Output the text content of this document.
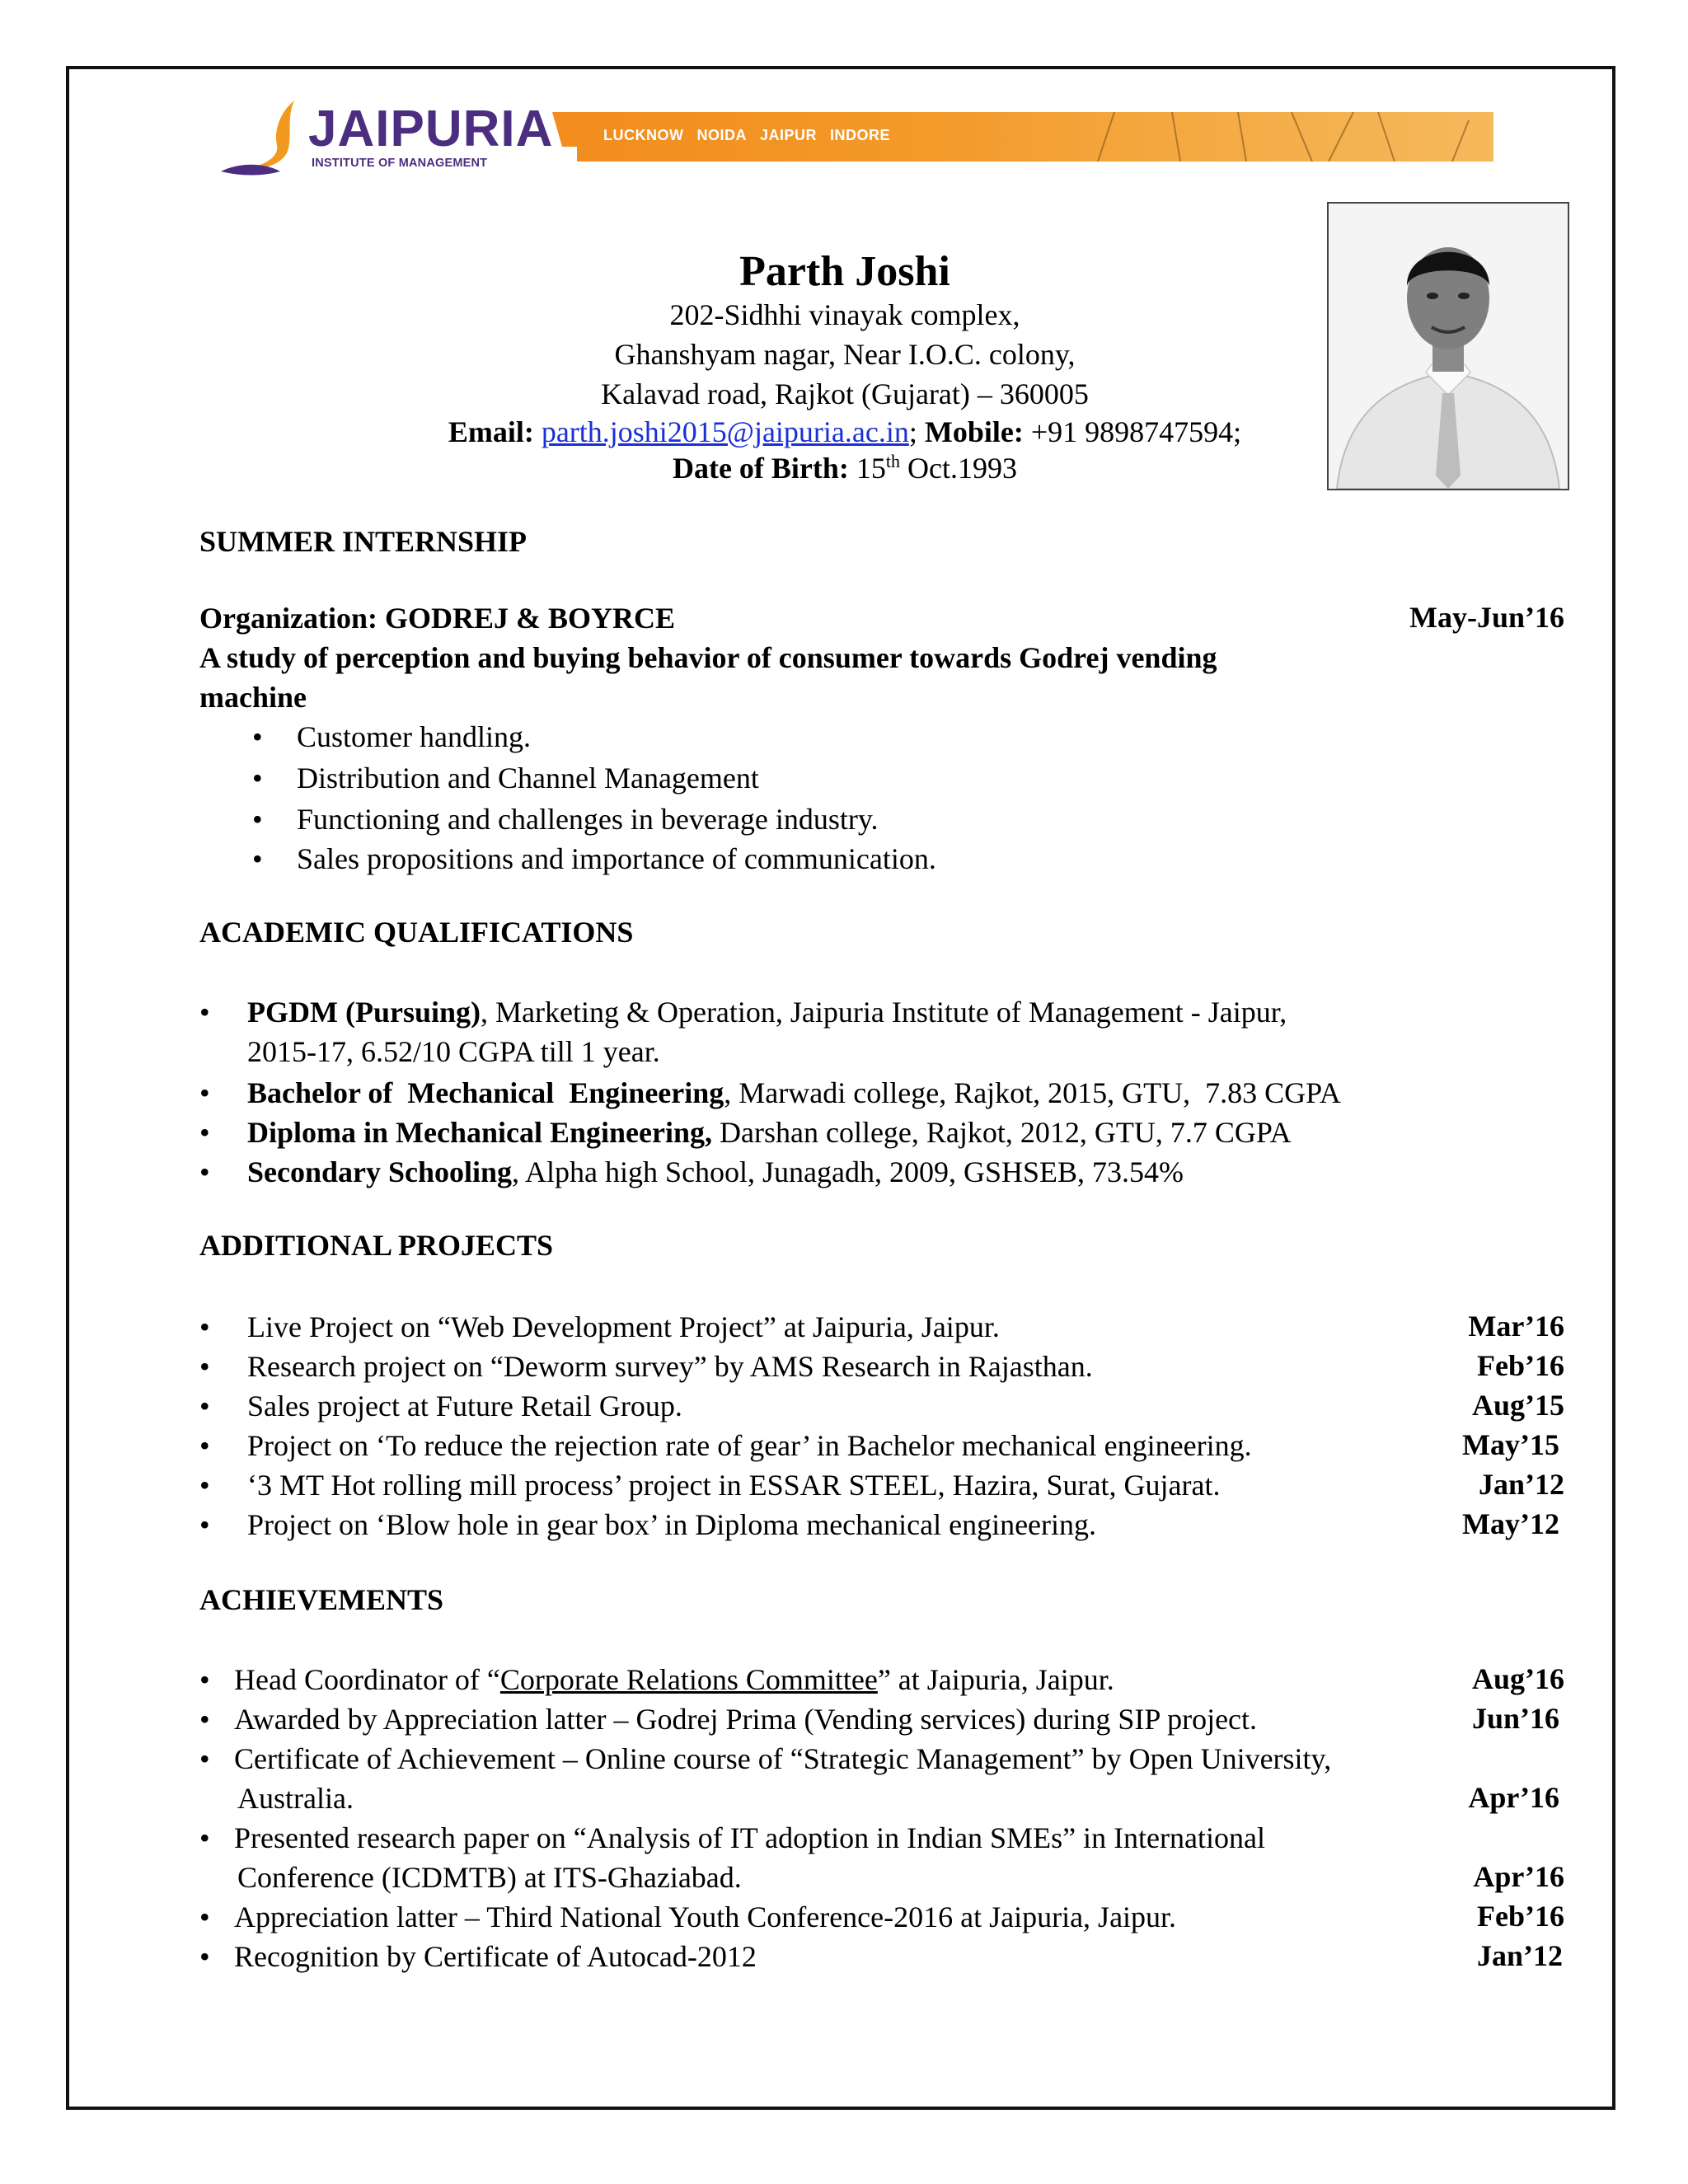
JAIPURIA
INSTITUTE OF MANAGEMENT
LUCKNOW NOIDA JAIPUR INDORE
Parth Joshi
202-Sidhhi vinayak complex,
Ghanshyam nagar, Near I.O.C. colony,
Kalavad road, Rajkot (Gujarat) – 360005
Email: parth.joshi2015@jaipuria.ac.in; Mobile: +91 9898747594;
Date of Birth: 15th Oct.1993
SUMMER INTERNSHIP
Organization: GODREJ & BOYRCE	May-Jun’16
A study of perception and buying behavior of consumer towards Godrej vending
machine
• Customer handling.
• Distribution and Channel Management
• Functioning and challenges in beverage industry.
• Sales propositions and importance of communication.
ACADEMIC QUALIFICATIONS
• PGDM (Pursuing), Marketing & Operation, Jaipuria Institute of Management - Jaipur,
2015-17, 6.52/10 CGPA till 1 year.
• Bachelor of  Mechanical  Engineering, Marwadi college, Rajkot, 2015, GTU,  7.83 CGPA
• Diploma in Mechanical Engineering, Darshan college, Rajkot, 2012, GTU, 7.7 CGPA
• Secondary Schooling, Alpha high School, Junagadh, 2009, GSHSEB, 73.54%
ADDITIONAL PROJECTS
• Live Project on “Web Development Project” at Jaipuria, Jaipur.	Mar’16
• Research project on “Deworm survey” by AMS Research in Rajasthan.	Feb’16
• Sales project at Future Retail Group.	Aug’15
• Project on ‘To reduce the rejection rate of gear’ in Bachelor mechanical engineering.	May’15
• ‘3 MT Hot rolling mill process’ project in ESSAR STEEL, Hazira, Surat, Gujarat.	Jan’12
• Project on ‘Blow hole in gear box’ in Diploma mechanical engineering.	May’12
ACHIEVEMENTS
• Head Coordinator of “Corporate Relations Committee” at Jaipuria, Jaipur.	Aug’16
• Awarded by Appreciation latter – Godrej Prima (Vending services) during SIP project.	Jun’16
• Certificate of Achievement – Online course of “Strategic Management” by Open University,
Australia.	Apr’16
• Presented research paper on “Analysis of IT adoption in Indian SMEs” in International
Conference (ICDMTB) at ITS-Ghaziabad.	Apr’16
• Appreciation latter – Third National Youth Conference-2016 at Jaipuria, Jaipur.	Feb’16
• Recognition by Certificate of Autocad-2012	Jan’12
